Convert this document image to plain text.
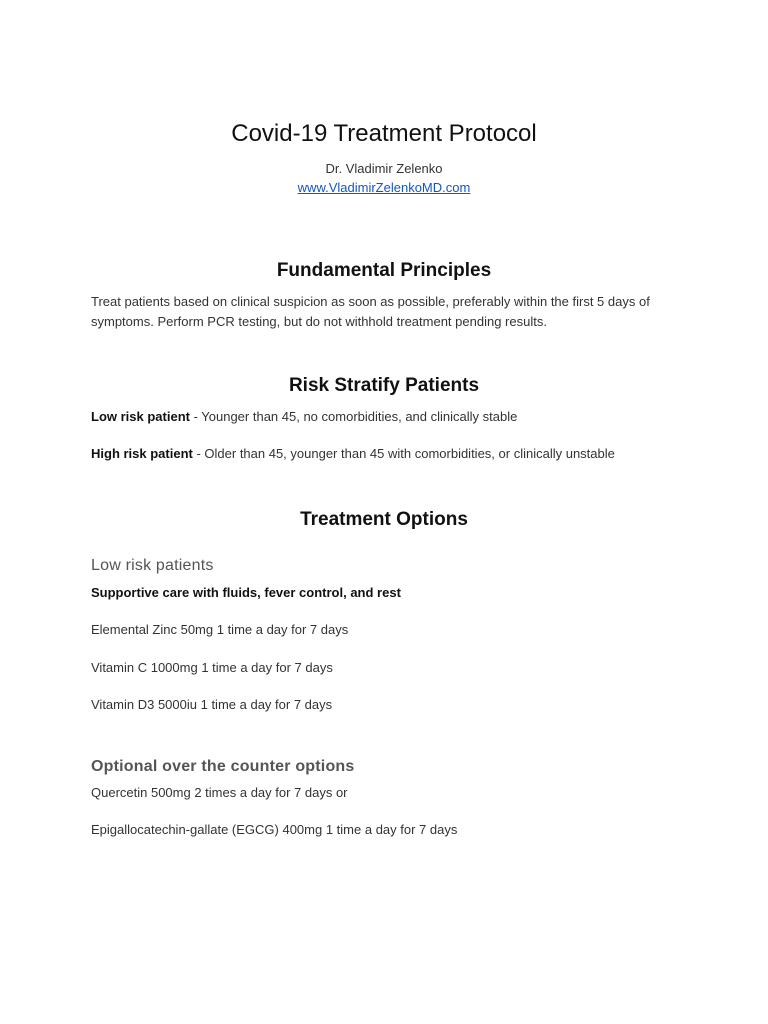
Covid-19 Treatment Protocol
Dr. Vladimir Zelenko
www.VladimirZelenkoMD.com
Fundamental Principles

Treat patients based on clinical suspicion as soon as possible, preferably within the first 5 days of symptoms. Perform PCR testing, but do not withhold treatment pending results.

Risk Stratify Patients

Low risk patient - Younger than 45, no comorbidities, and clinically stable

High risk patient - Older than 45, younger than 45 with comorbidities, or clinically unstable

Treatment Options
Low risk patients

Supportive care with fluids, fever control, and rest

Elemental Zinc 50mg 1 time a day for 7 days

Vitamin C 1000mg 1 time a day for 7 days

Vitamin D3 5000iu 1 time a day for 7 days

Optional over the counter options

Quercetin 500mg 2 times a day for 7 days or

Epigallocatechin-gallate (EGCG) 400mg 1 time a day for 7 days
